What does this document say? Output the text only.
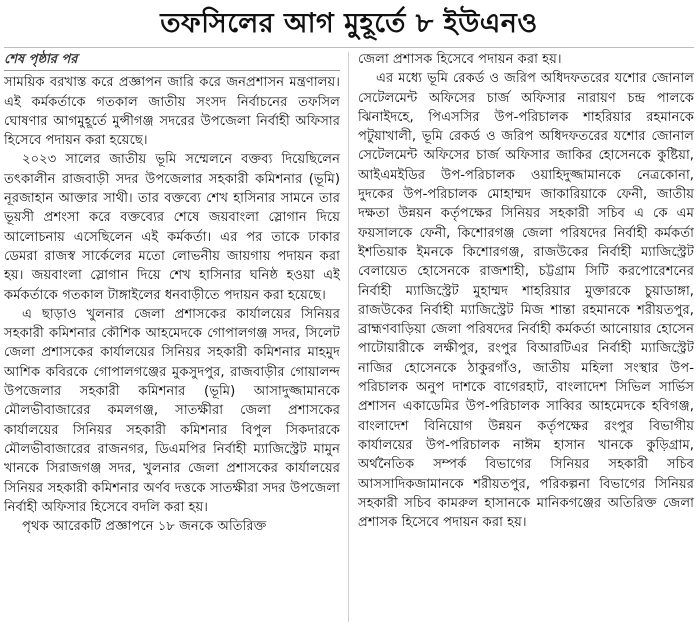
তফসিলের আগ মুহূর্তে ৮ ইউএনও
শেষ পৃষ্ঠার পর

সাময়িক বরখাস্ত করে প্রজ্ঞাপন জারি করে জনপ্রশাসন মন্ত্রণালয়। এই কর্মকর্তাকে গতকাল জাতীয় সংসদ নির্বাচনের তফসিল ঘোষণার আগমুহূর্তে মুন্সীগঞ্জ সদরের উপজেলা নির্বাহী অফিসার হিসেবে পদায়ন করা হয়েছে।

২০২৩ সালের জাতীয় ভূমি সম্মেলনে বক্তব্য দিয়েছিলেন তৎকালীন রাজবাড়ী সদর উপজেলার সহকারী কমিশনার (ভূমি) নূরজাহান আক্তার সাথী। তার বক্তব্যে শেখ হাসিনার সামনে তার ভূয়সী প্রশংসা করে বক্তব্যের শেষে জয়বাংলা স্লোগান দিয়ে আলোচনায় এসেছিলেন এই কর্মকর্তা। এর পর তাকে ঢাকার ডেমরা রাজস্ব সার্কেলের মতো লোভনীয় জায়গায় পদায়ন করা হয়। জয়বাংলা স্লোগান দিয়ে শেখ হাসিনার ঘনিষ্ঠ হওয়া এই কর্মকর্তাকে গতকাল টাঙ্গাইলের ধনবাড়ীতে পদায়ন করা হয়েছে।

এ ছাড়াও খুলনার জেলা প্রশাসকের কার্যালয়ের সিনিয়র সহকারী কমিশনার কৌশিক আহমেদকে গোপালগঞ্জ সদর, সিলেট জেলা প্রশাসকের কার্যালয়ের সিনিয়র সহকারী কমিশনার মাহমুদ আশিক কবিরকে গোপালগঞ্জের মুকসুদপুর, রাজবাড়ীর গোয়ালন্দ উপজেলার সহকারী কমিশনার (ভূমি) আসাদুজ্জামানকে মৌলভীবাজারের কমলগঞ্জ, সাতক্ষীরা জেলা প্রশাসকের কার্যালয়ের সিনিয়র সহকারী কমিশনার বিপুল সিকদারকে মৌলভীবাজারের রাজনগর, ডিএমপির নির্বাহী ম্যাজিস্ট্রেট মামুন খানকে সিরাজগঞ্জ সদর, খুলনার জেলা প্রশাসকের কার্যালয়ের সিনিয়র সহকারী কমিশনার অর্ণব দত্তকে সাতক্ষীরা সদর উপজেলা নির্বাহী অফিসার হিসেবে বদলি করা হয়।

পৃথক আরেকটি প্রজ্ঞাপনে ১৮ জনকে অতিরিক্ত

জেলা প্রশাসক হিসেবে পদায়ন করা হয়।

এর মধ্যে ভূমি রেকর্ড ও জরিপ অধিদফতরের যশোর জোনাল সেটেলমেন্ট অফিসের চার্জ অফিসার নারায়ণ চন্দ্র পালকে ঝিনাইদহে, পিএসসির উপ-পরিচালক শাহরিয়ার রহমানকে পটুয়াখালী, ভূমি রেকর্ড ও জরিপ অধিদফতরের যশোর জোনাল সেটেলমেন্ট অফিসের চার্জ অফিসার জাকির হোসেনকে কুষ্টিয়া, আইএমইডির উপ-পরিচালক ওয়াহিদুজ্জামানকে নেত্রকোনা, দুদকের উপ-পরিচালক মোহাম্মদ জাকারিয়াকে ফেনী, জাতীয় দক্ষতা উন্নয়ন কর্তৃপক্ষের সিনিয়র সহকারী সচিব এ কে এম ফয়সালকে ফেনী, কিশোরগঞ্জ জেলা পরিষদের নির্বাহী কর্মকর্তা ইশতিয়াক ইমনকে কিশোরগঞ্জ, রাজউকের নির্বাহী ম্যাজিস্ট্রেট বেলায়েত হোসেনকে রাজশাহী, চট্টগ্রাম সিটি করপোরেশনের নির্বাহী ম্যাজিস্ট্রেট মুহাম্মদ শাহরিয়ার মুক্তারকে চুয়াডাঙ্গা, রাজউকের নির্বাহী ম্যাজিস্ট্রেট মিজ শান্তা রহমানকে শরীয়তপুর, ব্রাহ্মণবাড়িয়া জেলা পরিষদের নির্বাহী কর্মকর্তা আনোয়ার হোসেন পাটোয়ারীকে লক্ষীপুর, রংপুর বিআরটিএর নির্বাহী ম্যাজিস্ট্রেট নাজির হোসেনকে ঠাকুরগাঁও, জাতীয় মহিলা সংস্থার উপ-পরিচালক অনুপ দাশকে বাগেরহাট, বাংলাদেশ সিভিল সার্ভিস প্রশাসন একাডেমির উপ-পরিচালক সাব্বির আহমেদকে হবিগঞ্জ, বাংলাদেশ বিনিয়োগ উন্নয়ন কর্তৃপক্ষের রংপুর বিভাগীয় কার্যালয়ের উপ-পরিচালক নাঈম হাসান খানকে কুড়িগ্রাম, অর্থনৈতিক সম্পর্ক বিভাগের সিনিয়র সহকারী সচিব আসসাদিকজামানকে শরীয়তপুর, পরিকল্পনা বিভাগের সিনিয়র সহকারী সচিব কামরুল হাসানকে মানিকগঞ্জের অতিরিক্ত জেলা প্রশাসক হিসেবে পদায়ন করা হয়।
